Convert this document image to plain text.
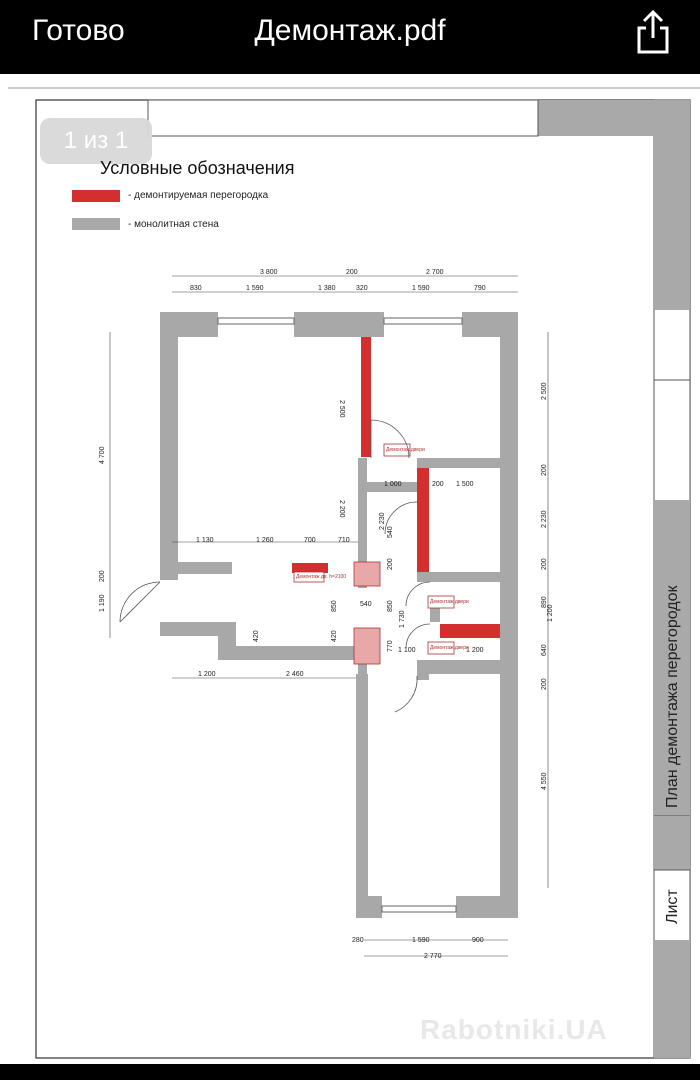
Готово	Демонтаж.pdf
3 800	200	2 700
830	1 590	1 380	320	1 590	790
4 700
200
1 190
2 500
200
2 230
200
890
1 200
640
200
4 550
2 500
2 200
1 000	200 1 500
2 230
1 130	1 260	700	710
540
200
850
1 730
850
420	420
770 1 100	1 200
1 200	2 460
280	1 590	900
2 770
540
Демонтаж двери
Демонтаж двери
Демонтаж двери
Демонтаж дв. h=2100
1 из 1
Условные обозначения
- демонтируемая перегородка
- монолитная стена
План демонтажа перегородок
Лист
Rabotniki.UA
